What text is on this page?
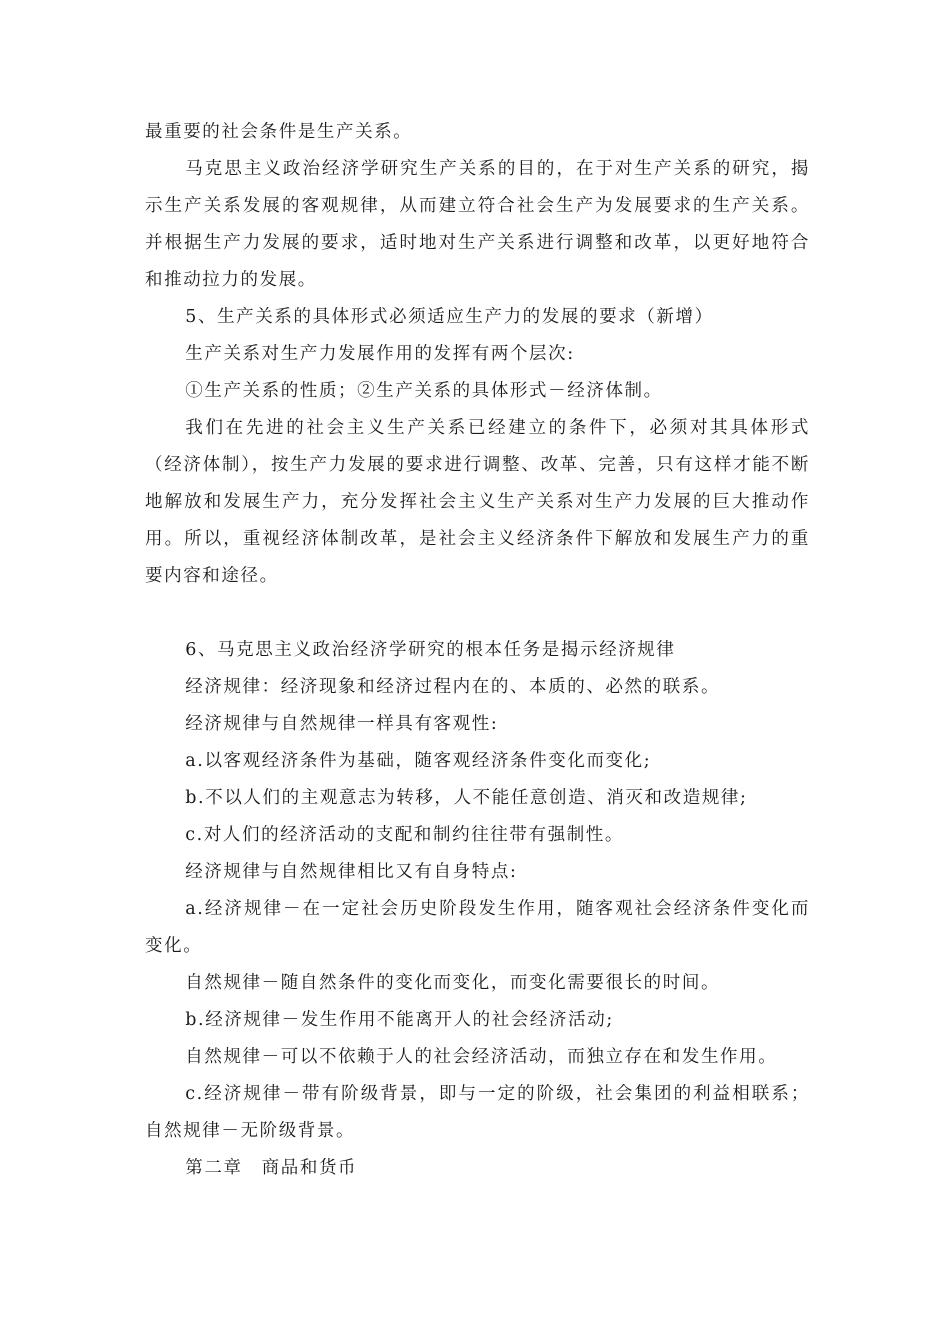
最重要的社会条件是生产关系。

马克思主义政治经济学研究生产关系的目的，在于对生产关系的研究，揭示生产关系发展的客观规律，从而建立符合社会生产为发展要求的生产关系。并根据生产力发展的要求，适时地对生产关系进行调整和改革，以更好地符合和推动拉力的发展。

5、生产关系的具体形式必须适应生产力的发展的要求（新增）

生产关系对生产力发展作用的发挥有两个层次:

①生产关系的性质；②生产关系的具体形式－经济体制。

我们在先进的社会主义生产关系已经建立的条件下，必须对其具体形式（经济体制），按生产力发展的要求进行调整、改革、完善，只有这样才能不断地解放和发展生产力，充分发挥社会主义生产关系对生产力发展的巨大推动作用。所以，重视经济体制改革，是社会主义经济条件下解放和发展生产力的重要内容和途径。

6、马克思主义政治经济学研究的根本任务是揭示经济规律

经济规律：经济现象和经济过程内在的、本质的、必然的联系。

经济规律与自然规律一样具有客观性:

a.以客观经济条件为基础，随客观经济条件变化而变化;

b.不以人们的主观意志为转移，人不能任意创造、消灭和改造规律;

c.对人们的经济活动的支配和制约往往带有强制性。

经济规律与自然规律相比又有自身特点:

a.经济规律－在一定社会历史阶段发生作用，随客观社会经济条件变化而变化。

自然规律－随自然条件的变化而变化，而变化需要很长的时间。

b.经济规律－发生作用不能离开人的社会经济活动;

自然规律－可以不依赖于人的社会经济活动，而独立存在和发生作用。

c.经济规律－带有阶级背景，即与一定的阶级，社会集团的利益相联系；自然规律－无阶级背景。

第二章　商品和货币
